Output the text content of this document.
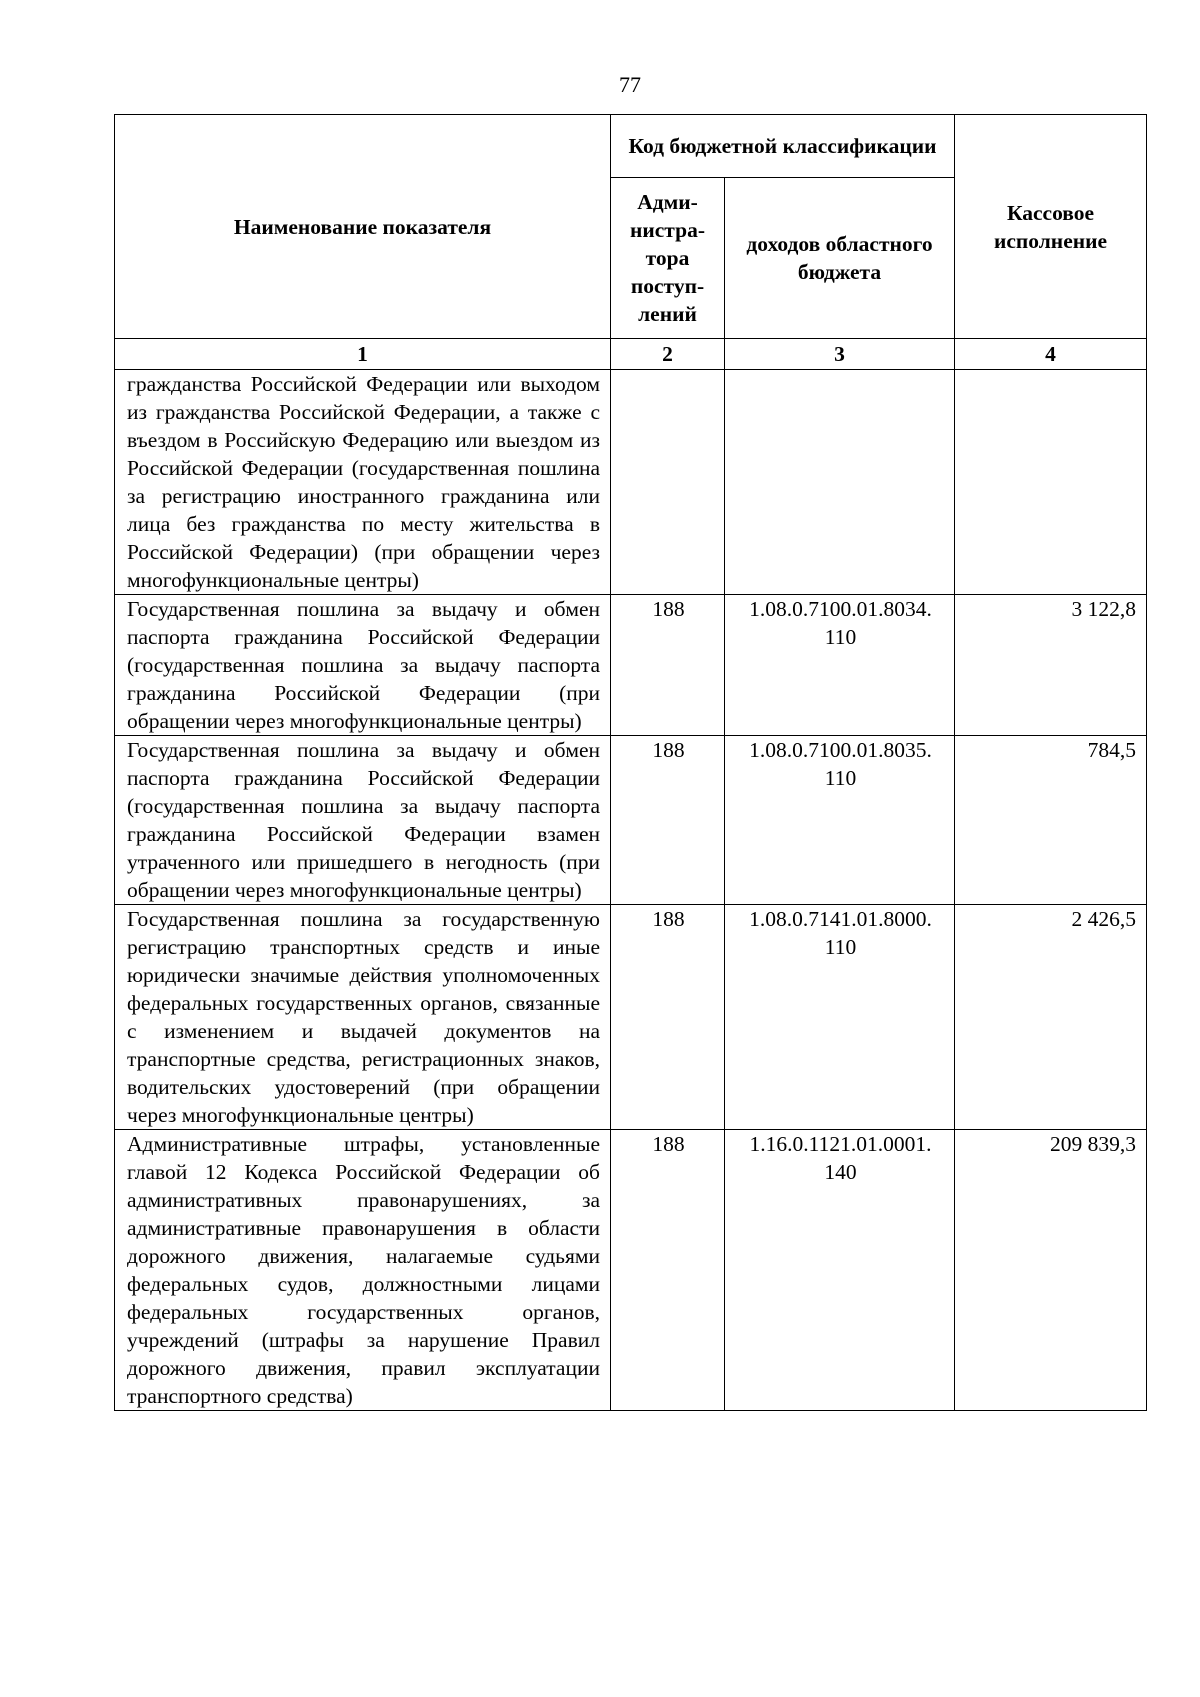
77
Наименование показателя	Код бюджетной классификации		Кассовое исполнение
	Адми-нистра-тора поступ-лений	доходов областного бюджета	
1	2	3	4
гражданства Российской Федерации или выходом из гражданства Российской Федерации, а также с въездом в Российскую Федерацию или выездом из Российской Федерации (государственная пошлина за регистрацию иностранного гражданина или лица без гражданства по месту жительства в Российской Федерации) (при обращении через многофункциональные центры)			
Государственная пошлина за выдачу и обмен паспорта гражданина Российской Федерации (государственная пошлина за выдачу паспорта гражданина Российской Федерации (при обращении через многофункциональные центры)	188	1.08.0.7100.01.8034. 110	3 122,8
Государственная пошлина за выдачу и обмен паспорта гражданина Российской Федерации (государственная пошлина за выдачу паспорта гражданина Российской Федерации взамен утраченного или пришедшего в негодность (при обращении через многофункциональные центры)	188	1.08.0.7100.01.8035. 110	784,5
Государственная пошлина за государственную регистрацию транспортных средств и иные юридически значимые действия уполномоченных федеральных государственных органов, связанные с изменением и выдачей документов на транспортные средства, регистрационных знаков, водительских удостоверений (при обращении через многофункциональные центры)	188	1.08.0.7141.01.8000. 110	2 426,5
Административные штрафы, установленные главой 12 Кодекса Российской Федерации об административных правонарушениях, за административные правонарушения в области дорожного движения, налагаемые судьями федеральных судов, должностными лицами федеральных государственных органов, учреждений (штрафы за нарушение Правил дорожного движения, правил эксплуатации транспортного средства)	188	1.16.0.1121.01.0001. 140	209 839,3
